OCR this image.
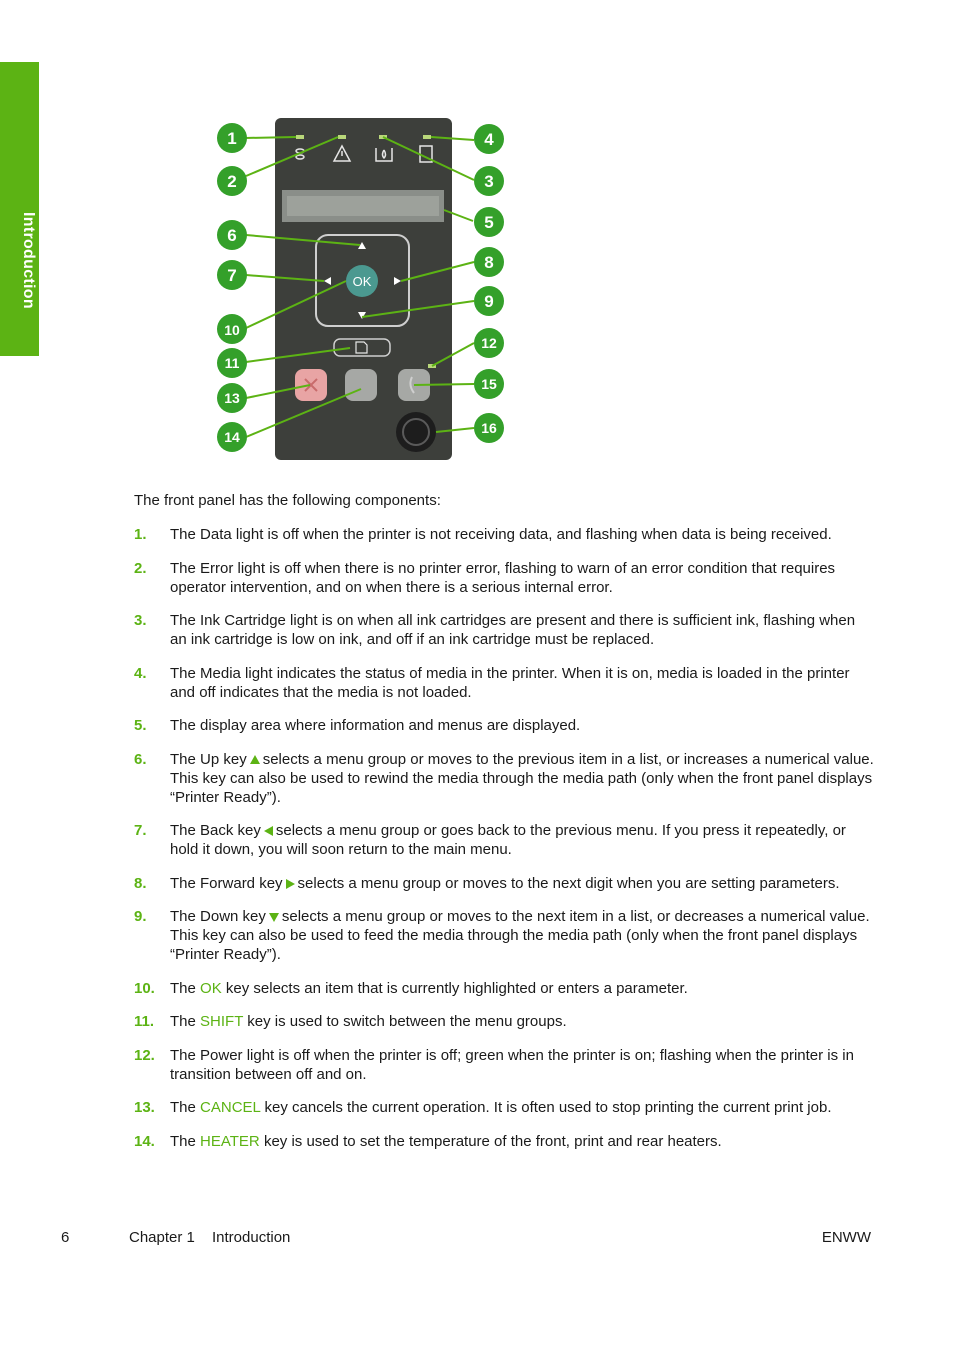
Introduction	OK
1
2	3
4
5
6
7
8
9
10
11
12
13
14
15
16

The front panel has the following components:

1. The Data light is off when the printer is not receiving data, and flashing when data is being received.
2. The Error light is off when there is no printer error, flashing to warn of an error condition that requires operator intervention, and on when there is a serious internal error.
3. The Ink Cartridge light is on when all ink cartridges are present and there is sufficient ink, flashing when an ink cartridge is low on ink, and off if an ink cartridge must be replaced.
4. The Media light indicates the status of media in the printer. When it is on, media is loaded in the printer and off indicates that the media is not loaded.
5. The display area where information and menus are displayed.
6. The Up key selects a menu group or moves to the previous item in a list, or increases a numerical value. This key can also be used to rewind the media through the media path (only when the front panel displays “Printer Ready”).
7. The Back key selects a menu group or goes back to the previous menu. If you press it repeatedly, or hold it down, you will soon return to the main menu.
8. The Forward key selects a menu group or moves to the next digit when you are setting parameters.
9. The Down key selects a menu group or moves to the next item in a list, or decreases a numerical value. This key can also be used to feed the media through the media path (only when the front panel displays “Printer Ready”).
10. The OK key selects an item that is currently highlighted or enters a parameter.
11. The SHIFT key is used to switch between the menu groups.
12. The Power light is off when the printer is off; green when the printer is on; flashing when the printer is in transition between off and on.
13. The CANCEL key cancels the current operation. It is often used to stop printing the current print job.
14. The HEATER key is used to set the temperature of the front, print and rear heaters.
6	Chapter 1 Introduction	ENWW
